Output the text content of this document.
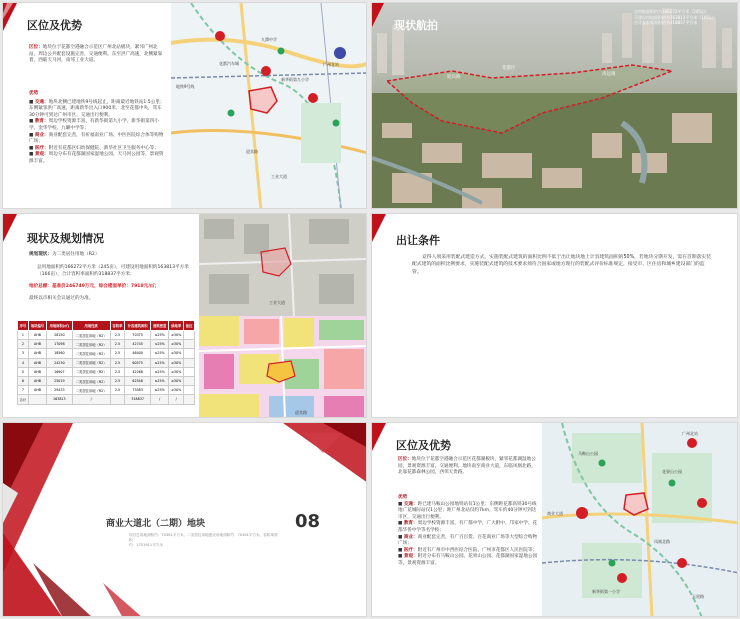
区位及优势
区位：地块位于花都空港融合示范区广州北站板块，紧邻广州北站，周边公共配套设施完善，交通便利。东至洪广高速，北侧紧靠着，西临天马河，南邻工业大道。
优势
■ 交通：地块北侧已建地铁9号线起止，距离最近地铁站1.5公里；东侧紧邻洪广高速，距离新华出入口900米，北至花都中央，驾车30分钟可到达广州市区，交通出行便利。
■ 教育：周边学校资源丰富，有新华街第九小学、新华街第四小学、金华学校、九曜中学等；
■ 商业：商业配套完善，有祈福南业广场、中医医院综合体等购物广场；
■ 医疗：附近有花都区妇幼保健院、新华社区卫生服务中心等；
■ 景观：周边分布有花都湖国家湿地公园、天马河公园等，景观资源丰富。
九潭中学
广州北站
花都汽车城
新华街第九小学
工业大道
迎宾路
地铁9号线
迎宾路
花都区
清远镇
现状航拍
总用地面积约为166272平方米（245亩）
可建设用地面积约为163813平方米（166亩）
合计容积率面积约为318837平方米
现状及规划情况
规划现状：为二类居住用地（R2）
总用地面积约166272平方米（245亩），可建设用地面积约163813平方米（166亩），合计容积率面积约318837平方米；
地价总额：基准价246749万元，综合楼面单价：7918元/㎡；
最终以市相关会议通过的为准。
序号	地块编号	用地面积(㎡)	用地性质	容积率	计容建筑面积	建筑密度	绿地率	备注
1	AHB	28150	二类居住用地（R2）	2.5	70375	≤25%	≥30%	
2	AHB	17098	二类居住用地（R2）	2.5	42745	≤25%	≥30%	
3	AHB	18560	二类居住用地（R2）	2.5	46400	≤25%	≥30%	
4	AHB	24230	二类居住用地（R2）	2.5	60575	≤25%	≥30%	
5	AHB	16907	二类居住用地（R2）	2.5	42268	≤25%	≥30%	
6	AHB	25019	二类居住用地（R2）	2.5	62548	≤25%	≥30%	
7	AHB	29433	二类居住用地（R2）	2.5	73583	≤25%	≥30%	
合计		163813	/		318837	/	/	
工业大道
迎宾路
出让条件
竞得人须采用装配式建造方式，实施装配式建筑的面积比例不低于出让地块地上计容建筑面积的50%，若地块分期开发，需在首期落实装配式建筑的面积比例要求，实施装配式建筑的技术要求须符合国家或地方现行的装配式评价标准规定，接受市、区住房和城乡建设部门的监管。
商业大道北（二期）地块	08
项目总用地面积约：70361平方米，二类居住用地建设用地面积约：70361平方米，容积率面积
约：1751911平方米
区位及优势
区位：地块位于花都空港融合示范区花都湖板块，紧邻花都湖湿地公园，景观资源丰富，交通便利。地块南至商业大道，东临凤凰北路，北靠花都森林公园，西邻天贵路。
优势
■ 交通：距已建马鞍山公园地铁站仅1公里；东侧距花都高铁30号线地广花城际站仅1公里；距广州北站仅约7km，驾车约40分钟可到达市区，交通出行便利。
■ 教育：周边学校资源丰富，有广都中学、广大附中、邝家中学、花都华侨中学等名学校；
■ 商业：商业配套完善，有广百百货、百花商业广场等大型综合购物广场；
■ 医疗：附近有广州市中西医结合医院、广州市花都区人民医院等；
■ 景观：附近分布有马鞍山公园、花果山公园、花都湖国家湿地公园等，景观资源丰富。
马鞍山公园
广州北站
花果山公园
新华街第一小学
凤凰北路
商业大道
天贵路
